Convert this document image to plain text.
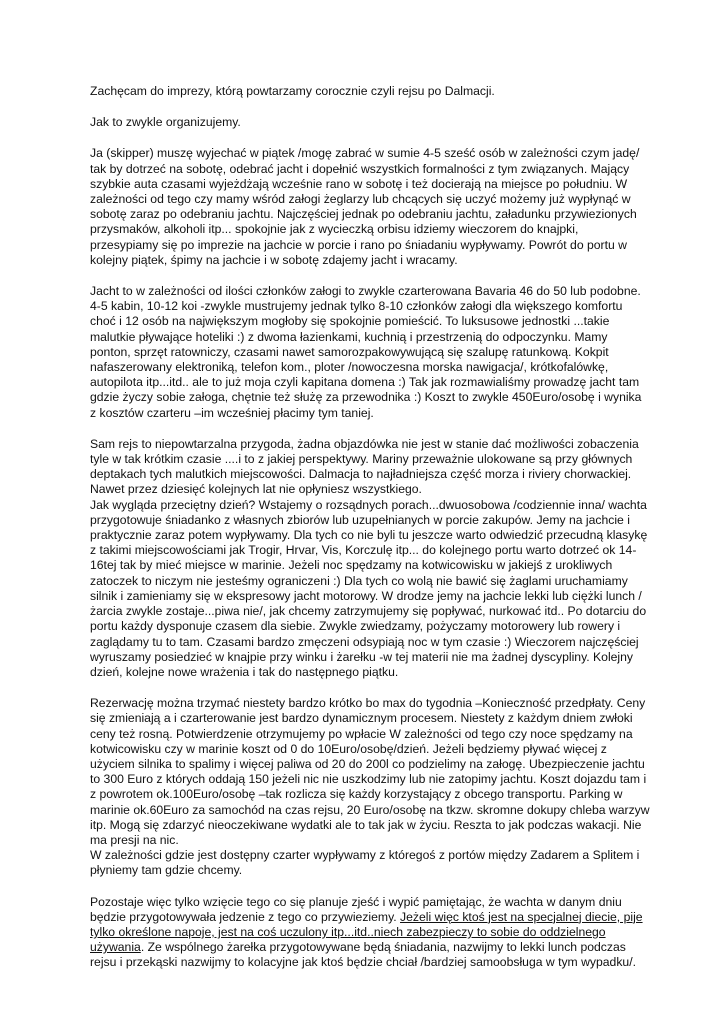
Zachęcam do imprezy, którą powtarzamy corocznie czyli rejsu po Dalmacji.

Jak to zwykle organizujemy.

Ja (skipper) muszę wyjechać w piątek /mogę zabrać w sumie 4-5 sześć osób w zależności czym jadę/ tak by dotrzeć na sobotę, odebrać jacht i dopełnić wszystkich formalności z tym związanych. Mający szybkie auta czasami wyjeżdżają wcześnie rano w sobotę i też docierają na miejsce po południu. W zależności od tego czy mamy wśród załogi żeglarzy lub chcących się uczyć możemy już wypłynąć w sobotę zaraz po odebraniu jachtu. Najczęściej jednak po odebraniu jachtu, załadunku przywiezionych przysmaków, alkoholi itp... spokojnie jak z wycieczką orbisu idziemy wieczorem do knajpki, przesypiamy się po imprezie na jachcie w porcie i rano po śniadaniu wypływamy. Powrót do portu w kolejny piątek, śpimy na jachcie i w sobotę zdajemy jacht i wracamy.

Jacht to w zależności od ilości członków załogi to zwykle czarterowana Bavaria 46 do 50 lub podobne. 4-5 kabin, 10-12 koi -zwykle mustrujemy jednak tylko 8-10 członków załogi dla większego komfortu choć i 12 osób na największym mogłoby się spokojnie pomieścić. To luksusowe jednostki ...takie malutkie pływające hoteliki :) z dwoma łazienkami, kuchnią i przestrzenią do odpoczynku. Mamy ponton, sprzęt ratowniczy, czasami nawet samorozpakowywującą się szalupę ratunkową. Kokpit nafaszerowany elektroniką, telefon kom., ploter /nowoczesna morska nawigacja/, krótkofalówkę, autopilota itp...itd.. ale to już moja czyli kapitana domena :) Tak jak rozmawialiśmy prowadzę jacht tam gdzie życzy sobie załoga, chętnie też służę za przewodnika :) Koszt to zwykle 450Euro/osobę i wynika z kosztów czarteru –im wcześniej płacimy tym taniej.

Sam rejs to niepowtarzalna przygoda, żadna objazdówka nie jest w stanie dać możliwości zobaczenia tyle w tak krótkim czasie ....i to z jakiej perspektywy. Mariny przeważnie ulokowane są przy głównych deptakach tych malutkich miejscowości. Dalmacja to najładniejsza część morza i riviery chorwackiej. Nawet przez dziesięć kolejnych lat nie opłyniesz wszystkiego.

Jak wygląda przeciętny dzień? Wstajemy o rozsądnych porach...dwuosobowa /codziennie inna/ wachta przygotowuje śniadanko z własnych zbiorów lub uzupełnianych w porcie zakupów. Jemy na jachcie i praktycznie zaraz potem wypływamy. Dla tych co nie byli tu jeszcze warto odwiedzić przecudną klasykę z takimi miejscowościami jak Trogir, Hrvar, Vis, Korczulę itp... do kolejnego portu warto dotrzeć ok 14-16tej tak by mieć miejsce w marinie. Jeżeli noc spędzamy na kotwicowisku w jakiejś z urokliwych zatoczek to niczym nie jesteśmy ograniczeni :) Dla tych co wolą nie bawić się żaglami uruchamiamy silnik i zamieniamy się w ekspresowy jacht motorowy. W drodze jemy na jachcie lekki lub ciężki lunch /żarcia zwykle zostaje...piwa nie/, jak chcemy zatrzymujemy się popływać, nurkować itd.. Po dotarciu do portu każdy dysponuje czasem dla siebie. Zwykle zwiedzamy, pożyczamy motorowery lub rowery i zaglądamy tu to tam. Czasami bardzo zmęczeni odsypiają noc w tym czasie :) Wieczorem najczęściej wyruszamy posiedzieć w knajpie przy winku i żarełku -w tej materii nie ma żadnej dyscypliny. Kolejny dzień, kolejne nowe wrażenia i tak do następnego piątku.

Rezerwację można trzymać niestety bardzo krótko bo max do tygodnia –Konieczność przedpłaty. Ceny się zmieniają a i czarterowanie jest bardzo dynamicznym procesem. Niestety z każdym dniem zwłoki ceny też rosną. Potwierdzenie otrzymujemy po wpłacie W zależności od tego czy noce spędzamy na kotwicowisku czy w marinie koszt od 0 do 10Euro/osobę/dzień. Jeżeli będziemy pływać więcej z użyciem silnika to spalimy i więcej paliwa od 20 do 200l co podzielimy na załogę. Ubezpieczenie jachtu to 300 Euro z których oddają 150 jeżeli nic nie uszkodzimy lub nie zatopimy jachtu. Koszt dojazdu tam i z powrotem ok.100Euro/osobę –tak rozlicza się każdy korzystający z obcego transportu. Parking w marinie ok.60Euro za samochód na czas rejsu, 20 Euro/osobę na tkzw. skromne dokupy chleba warzyw itp. Mogą się zdarzyć nieoczekiwane wydatki ale to tak jak w życiu. Reszta to jak podczas wakacji. Nie ma presji na nic.

W zależności gdzie jest dostępny czarter wypływamy z któregoś z portów między Zadarem a Splitem i płyniemy tam gdzie chcemy.

Pozostaje więc tylko wzięcie tego co się planuje zjeść i wypić pamiętając, że wachta w danym dniu będzie przygotowywała jedzenie z tego co przywieziemy. Jeżeli więc ktoś jest na specjalnej diecie, pije tylko określone napoje, jest na coś uczulony itp...itd..niech zabezpieczy to sobie do oddzielnego używania. Ze wspólnego żarełka przygotowywane będą śniadania, nazwijmy to lekki lunch podczas rejsu i przekąski nazwijmy to kolacyjne jak ktoś będzie chciał /bardziej samoobsługa w tym wypadku/.
